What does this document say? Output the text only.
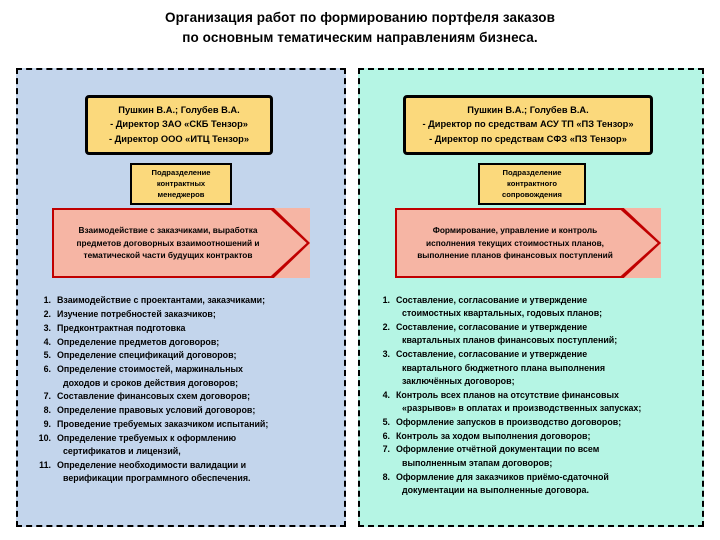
Организация работ по формированию портфеля заказов
по основным тематическим направлениям бизнеса.
Пушкин В.А.; Голубев В.А.
- Директор ЗАО «СКБ Тензор»
- Директор ООО «ИТЦ Тензор»
Взаимодействие с заказчиками, выработка
предметов договорных взаимоотношений и
тематической части будущих контрактов
Подразделение
контрактных
менеджеров
1. Взаимодействие с проектантами, заказчиками;
2. Изучение потребностей заказчиков;
3. Предконтрактная подготовка
4. Определение предметов договоров;
5. Определение спецификаций договоров;
6. Определение стоимостей, маржинальных
доходов и сроков действия договоров;
7. Составление финансовых схем договоров;
8. Определение правовых условий договоров;
9. Проведение требуемых заказчиком испытаний;
10. Определение требуемых к оформлению
сертификатов и лицензий,
11. Определение необходимости валидации и
верификации программного обеспечения.
Пушкин В.А.; Голубев В.А.
- Директор по средствам АСУ ТП «ПЗ Тензор»
- Директор по средствам СФЗ «ПЗ Тензор»
Формирование, управление и контроль
исполнения текущих стоимостных планов,
выполнение планов финансовых поступлений
Подразделение
контрактного
сопровождения
1. Составление, согласование и утверждение
стоимостных квартальных, годовых планов;
2. Составление, согласование и утверждение
квартальных планов финансовых поступлений;
3. Составление, согласование и утверждение
квартального бюджетного плана выполнения
заключённых договоров;
4. Контроль всех планов на отсутствие финансовых
«разрывов» в оплатах и производственных запусках;
5. Оформление запусков в производство договоров;
6. Контроль за ходом выполнения договоров;
7. Оформление отчётной документации по всем
выполненным этапам договоров;
8. Оформление для заказчиков приёмо-сдаточной
документации на выполненные договора.
